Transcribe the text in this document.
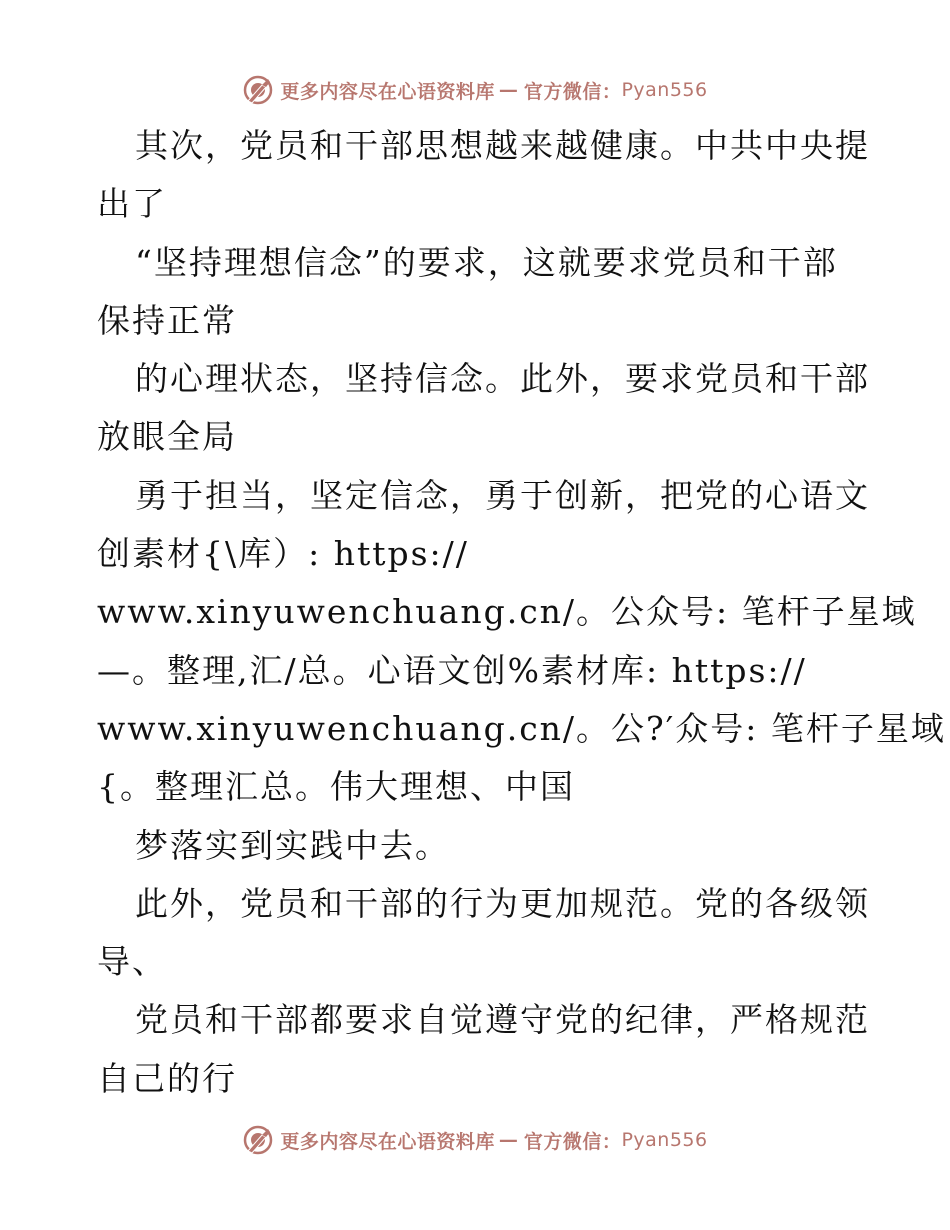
更多内容尽在心语资料库 — 官方微信： Pyan556
其次，党员和干部思想越来越健康。中共中央提
出了
“坚持理想信念”的要求，这就要求党员和干部
保持正常
的心理状态，坚持信念。此外，要求党员和干部
放眼全局
勇于担当，坚定信念，勇于创新，把党的心语文
创素材{\库）: https://
www.xinyuwenchuang.cn/。公众号: 笔杆子星域
—。整理,汇/总。心语文创%素材库: https://
www.xinyuwenchuang.cn/。公?′众号: 笔杆子星域
{。整理汇总。伟大理想、中国
梦落实到实践中去。
此外，党员和干部的行为更加规范。党的各级领
导、
党员和干部都要求自觉遵守党的纪律，严格规范
自己的行
更多内容尽在心语资料库 — 官方微信： Pyan556
